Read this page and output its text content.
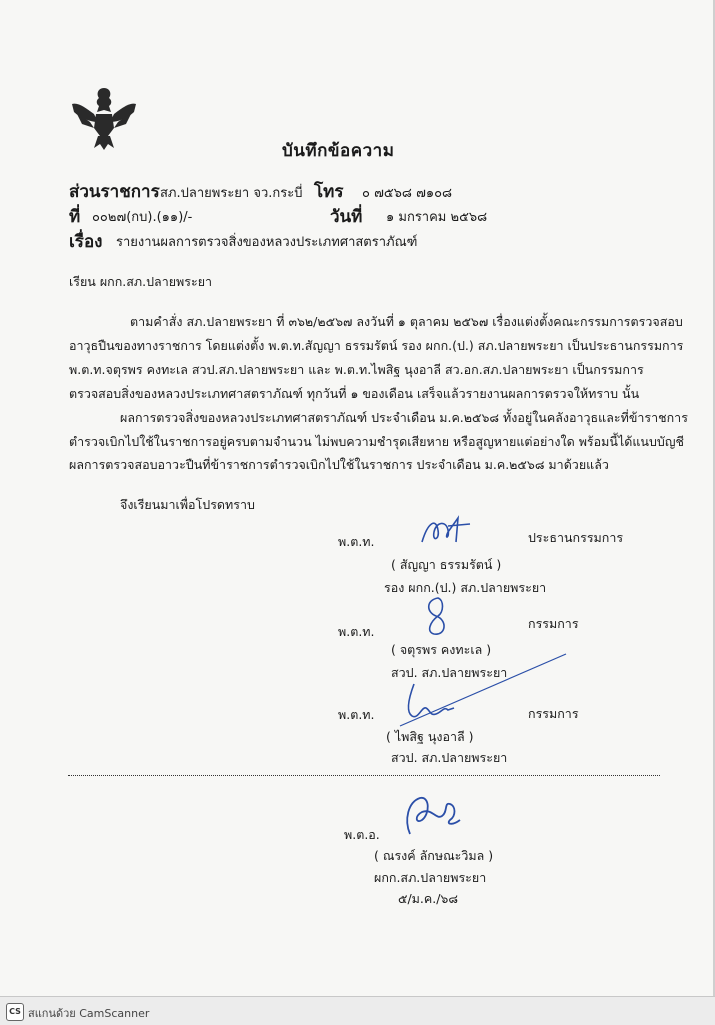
บันทึกข้อความ
ส่วนราชการ สภ.ปลายพระยา จว.กระบี่ โทร ๐ ๗๕๖๘ ๗๑๐๘
ที่ ๐๐๒๗(กบ).(๑๑)/-	วันที่ ๑ มกราคม ๒๕๖๘
เรื่อง รายงานผลการตรวจสิ่งของหลวงประเภทศาสตราภัณฑ์
เรียน ผกก.สภ.ปลายพระยา
ตามคำสั่ง สภ.ปลายพระยา ที่ ๓๖๒/๒๕๖๗ ลงวันที่ ๑ ตุลาคม ๒๕๖๗ เรื่องแต่งตั้งคณะกรรมการตรวจสอบ
อาวุธปืนของทางราชการ โดยแต่งตั้ง พ.ต.ท.สัญญา ธรรมรัตน์ รอง ผกก.(ป.) สภ.ปลายพระยา เป็นประธานกรรมการ
พ.ต.ท.จตุรพร คงทะเล สวป.สภ.ปลายพระยา และ พ.ต.ท.ไพสิฐ นุงอาลี สว.อก.สภ.ปลายพระยา เป็นกรรมการ
ตรวจสอบสิ่งของหลวงประเภทศาสตราภัณฑ์ ทุกวันที่ ๑ ของเดือน เสร็จแล้วรายงานผลการตรวจให้ทราบ นั้น
ผลการตรวจสิ่งของหลวงประเภทศาสตราภัณฑ์ ประจำเดือน ม.ค.๒๕๖๘ ทั้งอยู่ในคลังอาวุธและที่ข้าราชการ
ตำรวจเบิกไปใช้ในราชการอยู่ครบตามจำนวน ไม่พบความชำรุดเสียหาย หรือสูญหายแต่อย่างใด พร้อมนี้ได้แนบบัญชี
ผลการตรวจสอบอาวะปืนที่ข้าราชการตำรวจเบิกไปใช้ในราชการ ประจำเดือน ม.ค.๒๕๖๘ มาด้วยแล้ว
จึงเรียนมาเพื่อโปรดทราบ
พ.ต.ท.	ประธานกรรมการ
( สัญญา ธรรมรัตน์ )
รอง ผกก.(ป.) สภ.ปลายพระยา
พ.ต.ท.
กรรมการ
( จตุรพร คงทะเล )
สวป. สภ.ปลายพระยา
พ.ต.ท.	กรรมการ
( ไพสิฐ นุงอาลี )
สวป. สภ.ปลายพระยา
พ.ต.อ.
( ณรงค์ ลักษณะวิมล )
ผกก.สภ.ปลายพระยา
๕/ม.ค./๖๘
CS สแกนด้วย CamScanner
